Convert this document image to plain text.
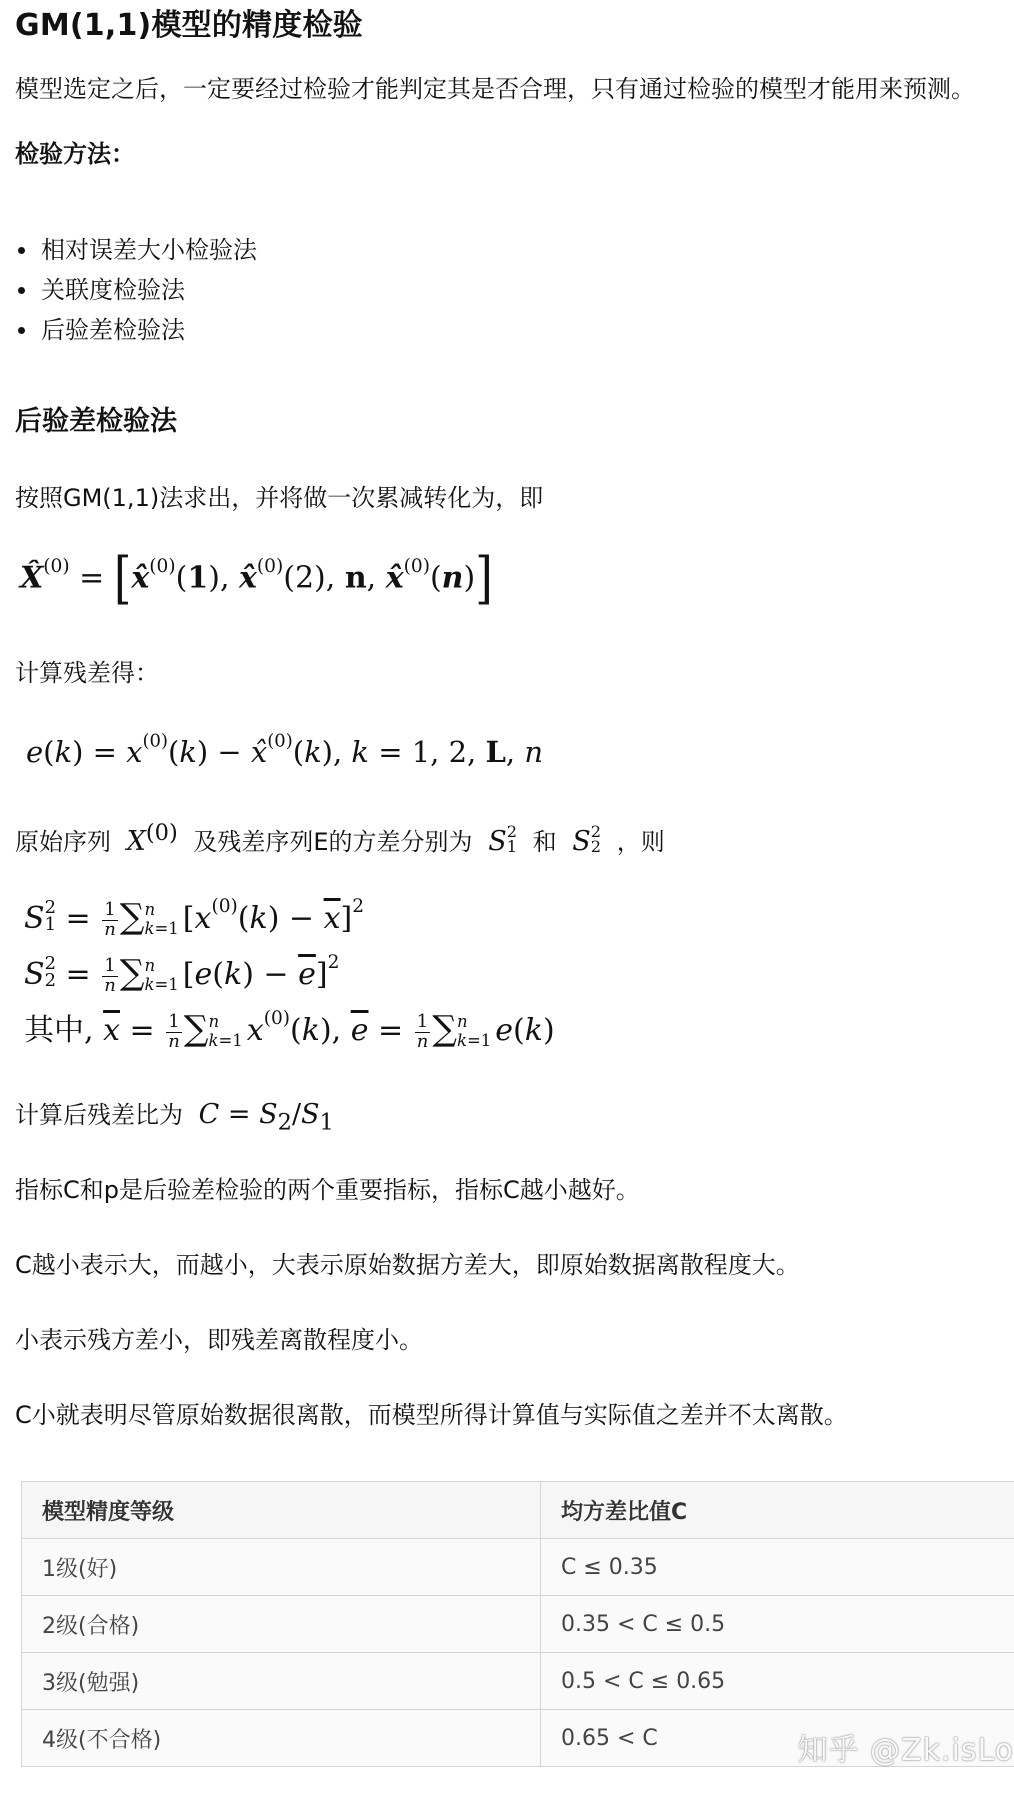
GM(1,1)模型的精度检验
模型选定之后，一定要经过检验才能判定其是否合理，只有通过检验的模型才能用来预测。
检验方法：
相对误差大小检验法
关联度检验法
后验差检验法
后验差检验法
按照GM(1,1)法求出，并将做一次累减转化为，即
X̂$^{(0)}$ = [x̂$^{(0)}$(1), x̂$^{(0)}$(2), n, x̂$^{(0)}$(n)]
计算残差得：
$e(k) = x^{(0)}(k)$ − x̂$^{(0)}$(k), k = 1, 2, L, n
原始序列 $X^{(0)}$ 及残差序列E的方差分别为 S 2
1 和 S 2
2 ，则
S 2
$1 = \frac{1}{n}$ ∑ n
k=1 $[x^{(0)}(k) - \overline{x}]^2$
S 2
$2 = \frac{1}{n}$ ∑ n
k=1 $[e(k) - \overline{e}]^2$
其中, $\overline{x} = \frac{1}{n}$ ∑ n
k=1 $x^{(0)}(k)$, $\overline{e} = \frac{1}{n}$ ∑ n
k=1 e(k)
计算后残差比为 $C = S_2/S_1$
指标C和p是后验差检验的两个重要指标，指标C越小越好。
C越小表示大，而越小，大表示原始数据方差大，即原始数据离散程度大。
小表示残方差小，即残差离散程度小。
C小就表明尽管原始数据很离散，而模型所得计算值与实际值之差并不太离散。
模型精度等级	均方差比值C
1级(好)	C ≤ 0.35
2级(合格)	0.35 < C ≤ 0.5
3级(勉强)	0.5 < C ≤ 0.65
4级(不合格)	0.65 < C	知乎 @Zk.isLo
